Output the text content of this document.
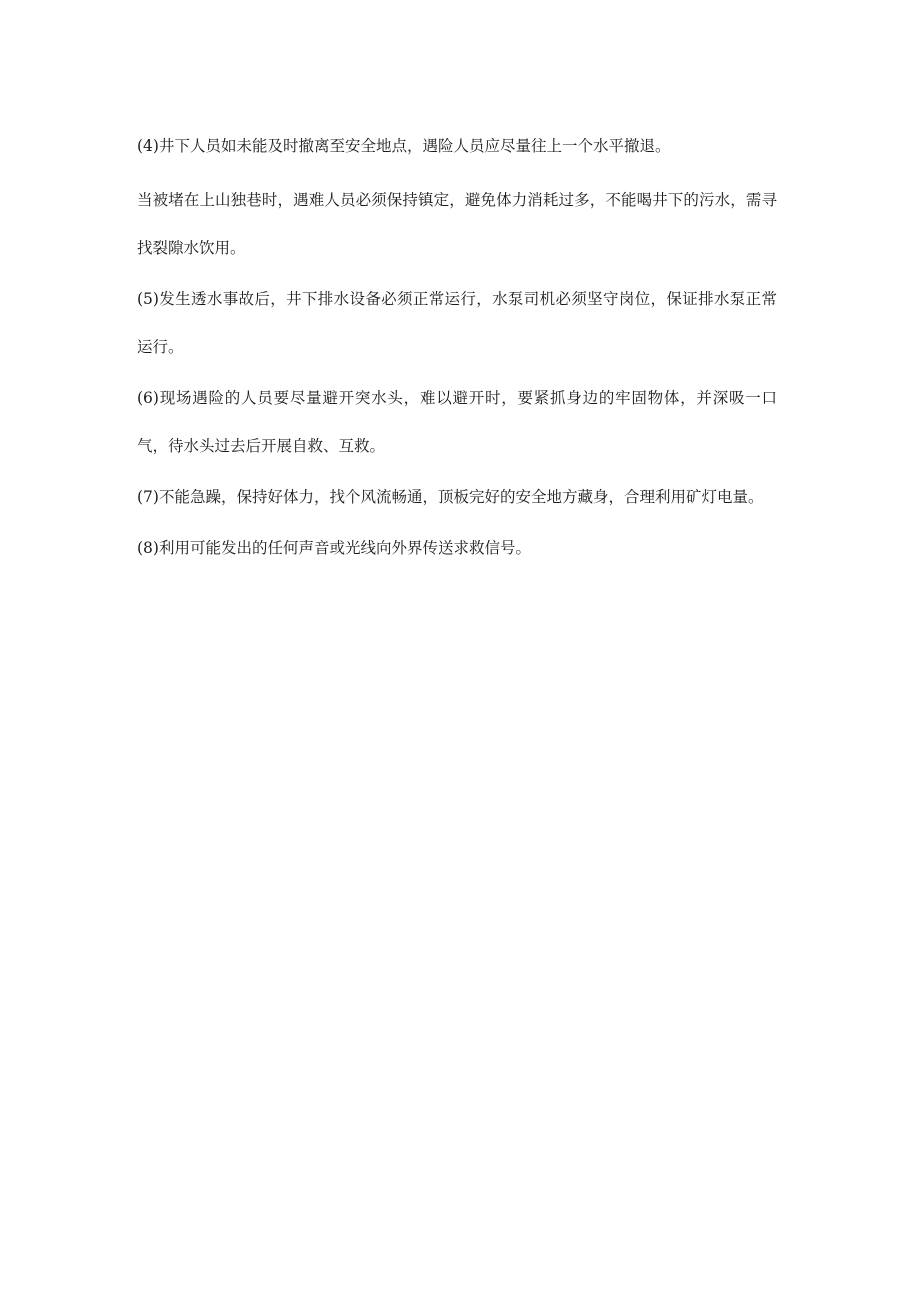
(4)井下人员如未能及时撤离至安全地点，遇险人员应尽量往上一个水平撤退。

当被堵在上山独巷时，遇难人员必须保持镇定，避免体力消耗过多，不能喝井下的污水，需寻找裂隙水饮用。

(5)发生透水事故后，井下排水设备必须正常运行，水泵司机必须坚守岗位，保证排水泵正常运行。

(6)现场遇险的人员要尽量避开突水头，难以避开时，要紧抓身边的牢固物体，并深吸一口气，待水头过去后开展自救、互救。

(7)不能急躁，保持好体力，找个风流畅通，顶板完好的安全地方藏身，合理利用矿灯电量。

(8)利用可能发出的任何声音或光线向外界传送求救信号。
